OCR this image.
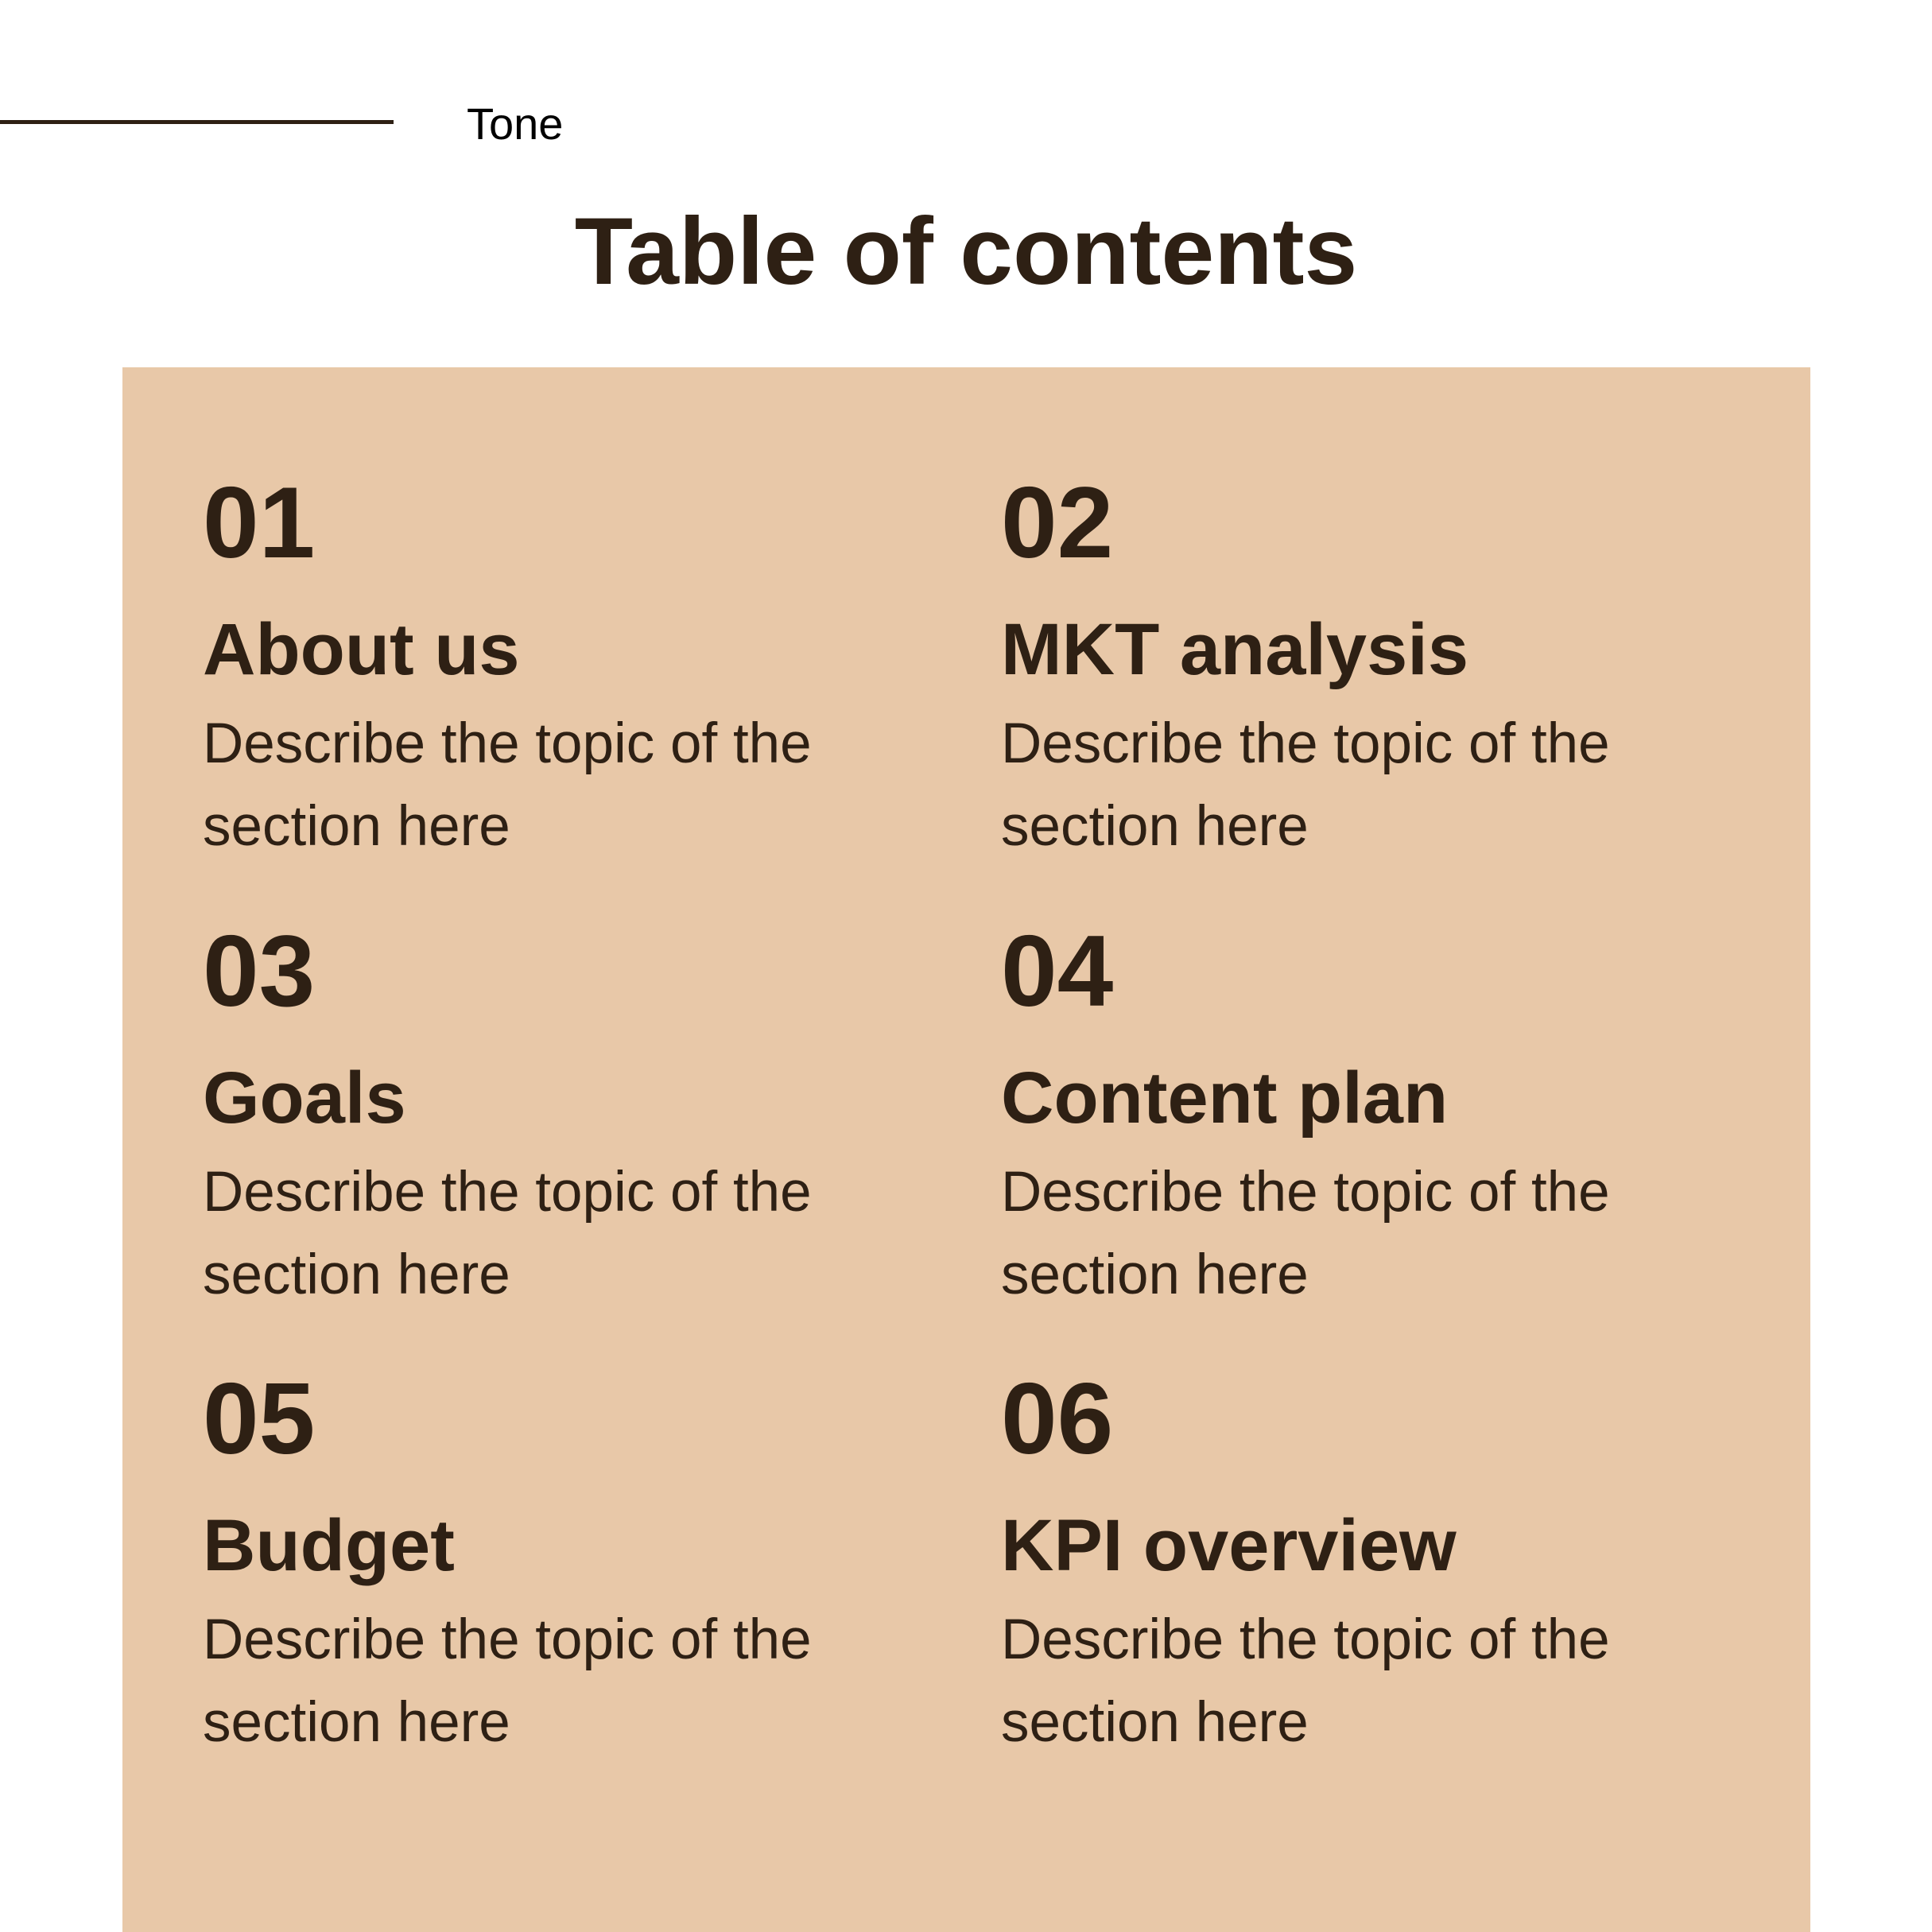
Tone
Table of contents
01
About us
Describe the topic of the section here
02
MKT analysis
Describe the topic of the section here
03
Goals
Describe the topic of the section here
04
Content plan
Describe the topic of the section here
05
Budget
Describe the topic of the section here
06
KPI overview
Describe the topic of the section here
